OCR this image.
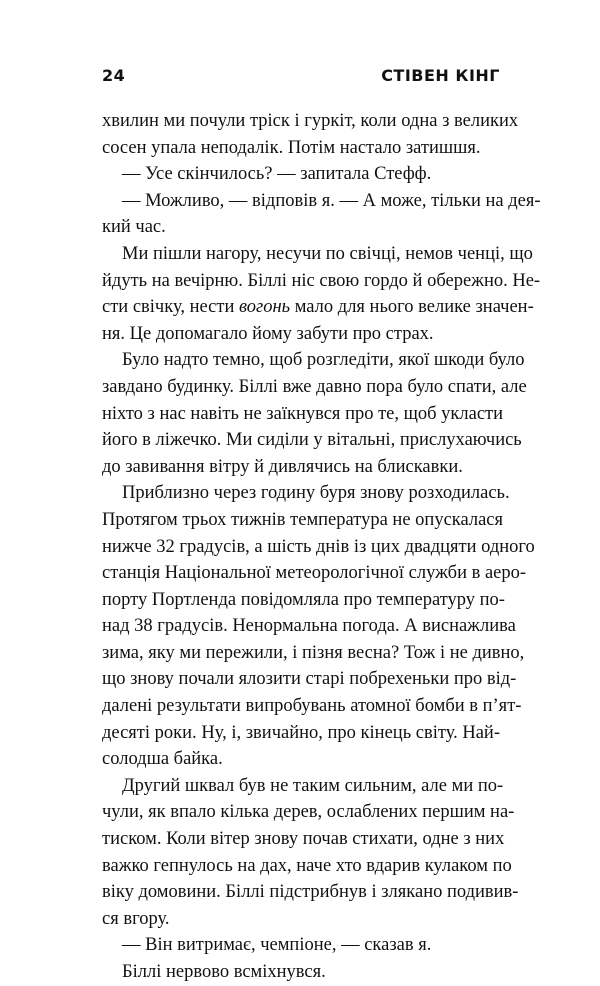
24	СТІВЕН КІНГ
хвилин ми почули тріск і гуркіт, коли одна з великих
сосен упала неподалік. Потім настало затишшя.
— Усе скінчилось? — запитала Стефф.
— Можливо, — відповів я. — А може, тільки на дея-
кий час.
Ми пішли нагору, несучи по свічці, немов ченці, що
йдуть на вечірню. Біллі ніс свою гордо й обережно. Не-
сти свічку, нести вогонь мало для нього велике значен-
ня. Це допомагало йому забути про страх.
Було надто темно, щоб розгледіти, якої шкоди було
завдано будинку. Біллі вже давно пора було спати, але
ніхто з нас навіть не заїкнувся про те, щоб укласти
його в ліжечко. Ми сиділи у вітальні, прислухаючись
до завивання вітру й дивлячись на блискавки.
Приблизно через годину буря знову розходилась.
Протягом трьох тижнів температура не опускалася
нижче 32 градусів, а шість днів із цих двадцяти одного
станція Національної метеорологічної служби в аеро-
порту Портленда повідомляла про температуру по-
над 38 градусів. Ненормальна погода. А виснажлива
зима, яку ми пережили, і пізня весна? Тож і не дивно,
що знову почали ялозити старі побрехеньки про від-
далені результати випробувань атомної бомби в п’ят-
десяті роки. Ну, і, звичайно, про кінець світу. Най-
солодша байка.
Другий шквал був не таким сильним, але ми по-
чули, як впало кілька дерев, ослаблених першим на-
тиском. Коли вітер знову почав стихати, одне з них
важко гепнулось на дах, наче хто вдарив кулаком по
віку домовини. Біллі підстрибнув і злякано подивив-
ся вгору.
— Він витримає, чемпіоне, — сказав я.
Біллі нервово всміхнувся.
